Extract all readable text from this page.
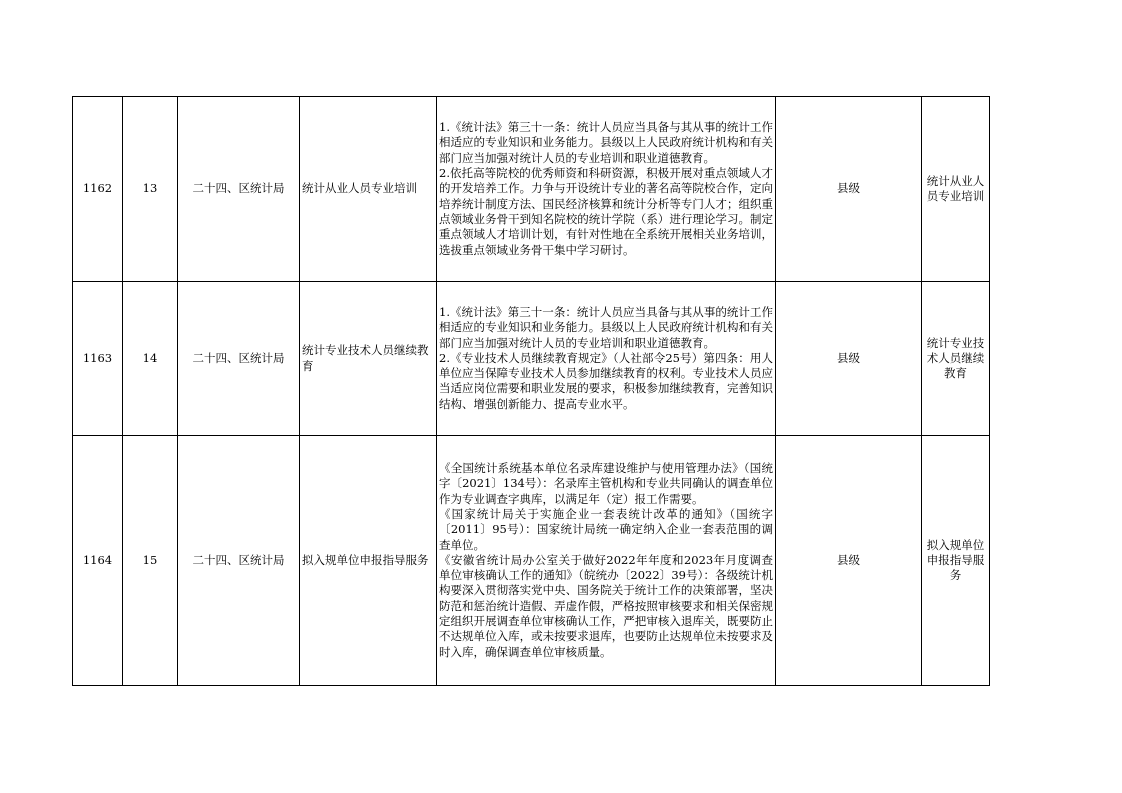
1162	13	二十四、区统计局	统计从业人员专业培训	1.《统计法》第三十一条：统计人员应当具备与其从事的统计工作相适应的专业知识和业务能力。县级以上人民政府统计机构和有关部门应当加强对统计人员的专业培训和职业道德教育。
2.依托高等院校的优秀师资和科研资源，积极开展对重点领域人才的开发培养工作。力争与开设统计专业的著名高等院校合作，定向培养统计制度方法、国民经济核算和统计分析等专门人才；组织重点领域业务骨干到知名院校的统计学院（系）进行理论学习。制定重点领域人才培训计划，有针对性地在全系统开展相关业务培训，选拔重点领域业务骨干集中学习研讨。	县级	统计从业人员专业培训
1163	14	二十四、区统计局	统计专业技术人员继续教育	1.《统计法》第三十一条：统计人员应当具备与其从事的统计工作相适应的专业知识和业务能力。县级以上人民政府统计机构和有关部门应当加强对统计人员的专业培训和职业道德教育。
2.《专业技术人员继续教育规定》（人社部令25号）第四条：用人单位应当保障专业技术人员参加继续教育的权利。专业技术人员应当适应岗位需要和职业发展的要求，积极参加继续教育，完善知识结构、增强创新能力、提高专业水平。	县级	统计专业技术人员继续教育
1164	15	二十四、区统计局	拟入规单位申报指导服务	《全国统计系统基本单位名录库建设维护与使用管理办法》（国统字〔2021〕134号）：名录库主管机构和专业共同确认的调查单位作为专业调查字典库，以满足年（定）报工作需要。
《国家统计局关于实施企业一套表统计改革的通知》（国统字〔2011〕95号）：国家统计局统一确定纳入企业一套表范围的调查单位。
《安徽省统计局办公室关于做好2022年年度和2023年月度调查单位审核确认工作的通知》（皖统办〔2022〕39号）：各级统计机构要深入贯彻落实党中央、国务院关于统计工作的决策部署，坚决防范和惩治统计造假、弄虚作假，严格按照审核要求和相关保密规定组织开展调查单位审核确认工作，严把审核入退库关，既要防止不达规单位入库，或未按要求退库，也要防止达规单位未按要求及时入库，确保调查单位审核质量。	县级	拟入规单位申报指导服务
